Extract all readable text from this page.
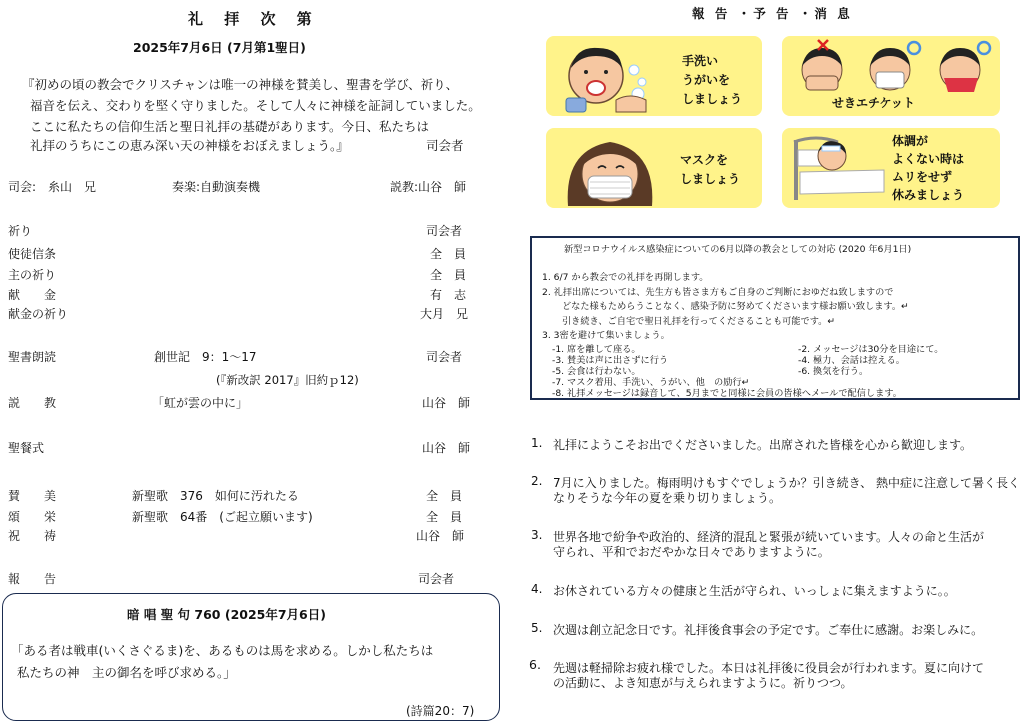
礼 拝 次 第
2025年7月6日 (7月第1聖日)
『初めの頃の教会でクリスチャンは唯一の神様を賛美し、聖書を学び、祈り、
福音を伝え、交わりを堅く守りました。そして人々に神様を証詞していました。
ここに私たちの信仰生活と聖日礼拝の基礎があります。今日、私たちは
礼拝のうちにこの恵み深い天の神様をおぼえましょう。』	司会者
司会:　糸山　兄	奏楽:自動演奏機	説教:山谷　師
祈り	司会者
使徒信条	全　員
主の祈り	全　員
献　　金	有　志
献金の祈り	大月　兄
聖書朗読	創世記　9：1～17	司会者
(『新改訳 2017』旧約ｐ12)
説　　教	「虹が雲の中に」	山谷　師
聖餐式	山谷　師
賛　　美	新聖歌　376　如何に汚れたる	全　員
頌　　栄	新聖歌　64番　(ご起立願います)	全　員
祝　　祷	山谷　師
報　　告	司会者
暗 唱 聖 句 760 (2025年7月6日)
「ある者は戦車(いくさぐるま)を、あるものは馬を求める。しかし私たちは
私たちの神　主の御名を呼び求める。」
(詩篇20：7)
報 告 ・予 告 ・消 息
手洗い
うがいを
しましょう	せきエチケット
マスクを
しましょう
体調が
よくない時は
ムリをせず
休みましょう
新型コロナウイルス感染症についての6月以降の教会としての対応 (2020 年6月1日)
1. 6/7 から教会での礼拝を再開します。
2. 礼拝出席については、先生方も皆さま方もご自身のご判断におゆだね致しますので
どなた様もためらうことなく、感染予防に努めてくださいます様お願い致します。↵
引き続き、ご自宅で聖日礼拝を行ってくださることも可能です。↵
3. 3密を避けて集いましょう。
-1. 席を離して座る。
-3. 賛美は声に出さずに行う
-5. 会食は行わない。
-7. マスク着用、手洗い、うがい、他　の励行↵
-8. 礼拝メッセージは録音して、5月までと同様に会員の皆様へメールで配信します。
-2. メッセージは30分を目途にて。
-4. 極力、会話は控える。
-6. 換気を行う。
1. 礼拝にようこそお出でくださいました。出席された皆様を心から歓迎します。
2. 7月に入りました。梅雨明けもすぐでしょうか？引き続き、 熱中症に注意して暑く長く
なりそうな今年の夏を乗り切りましょう。
3. 世界各地で紛争や政治的、経済的混乱と緊張が続いています。人々の命と生活が
守られ、平和でおだやかな日々でありますように。
4. お休されている方々の健康と生活が守られ、いっしょに集えますように。。
5. 次週は創立記念日です。礼拝後食事会の予定です。ご奉仕に感謝。お楽しみに。
6. 先週は軽掃除お疲れ様でした。本日は礼拝後に役員会が行われます。夏に向けて
の活動に、よき知恵が与えられますように。祈りつつ。
